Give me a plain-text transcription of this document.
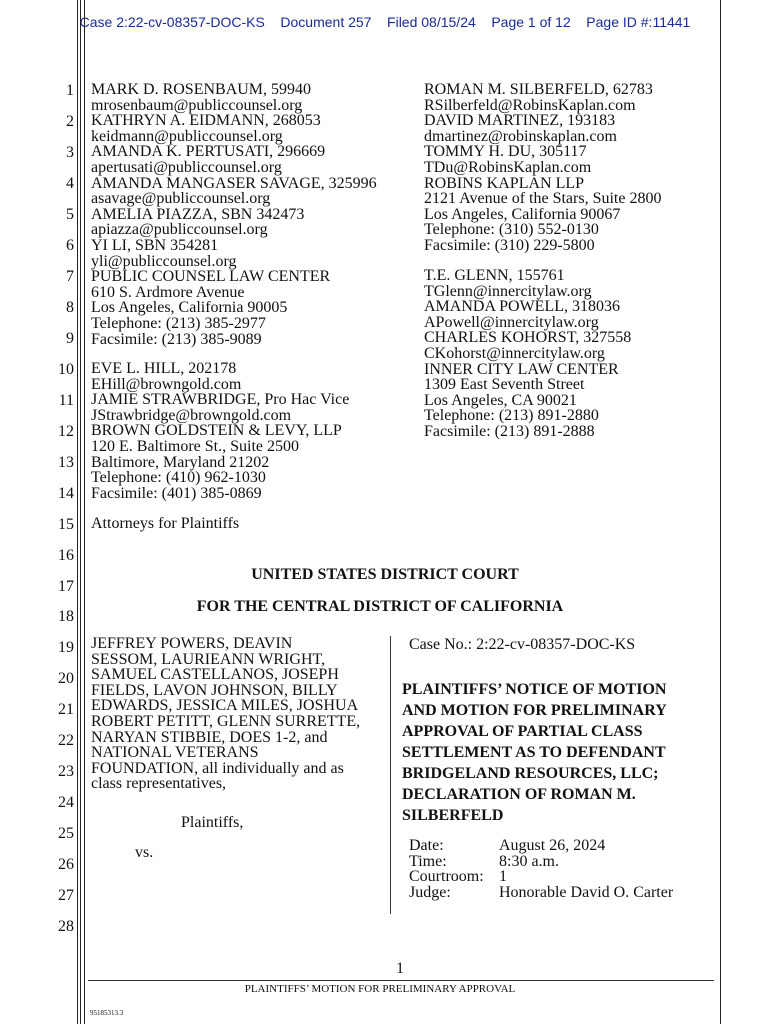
Case 2:22-cv-08357-DOC-KS Document 257 Filed 08/15/24 Page 1 of 12 Page ID #:11441
1
2
3
4
5
6
7
8
9
10
11
12
13
14
15
16
17
18
19
20
21
22
23
24
25
26
27
28
MARK D. ROSENBAUM, 59940
mrosenbaum@publiccounsel.org
KATHRYN A. EIDMANN, 268053
keidmann@publiccounsel.org
AMANDA K. PERTUSATI, 296669
apertusati@publiccounsel.org
AMANDA MANGASER SAVAGE, 325996
asavage@publiccounsel.org
AMELIA PIAZZA, SBN 342473
apiazza@publiccounsel.org
YI LI, SBN 354281
yli@publiccounsel.org
PUBLIC COUNSEL LAW CENTER
610 S. Ardmore Avenue
Los Angeles, California 90005
Telephone: (213) 385-2977
Facsimile: (213) 385-9089
EVE L. HILL, 202178
EHill@browngold.com
JAMIE STRAWBRIDGE, Pro Hac Vice
JStrawbridge@browngold.com
BROWN GOLDSTEIN & LEVY, LLP
120 E. Baltimore St., Suite 2500
Baltimore, Maryland 21202
Telephone: (410) 962-1030
Facsimile: (401) 385-0869
ROMAN M. SILBERFELD, 62783
RSilberfeld@RobinsKaplan.com
DAVID MARTINEZ, 193183
dmartinez@robinskaplan.com
TOMMY H. DU, 305117
TDu@RobinsKaplan.com
ROBINS KAPLAN LLP
2121 Avenue of the Stars, Suite 2800
Los Angeles, California 90067
Telephone: (310) 552-0130
Facsimile: (310) 229-5800
T.E. GLENN, 155761
TGlenn@innercitylaw.org
AMANDA POWELL, 318036
APowell@innercitylaw.org
CHARLES KOHORST, 327558
CKohorst@innercitylaw.org
INNER CITY LAW CENTER
1309 East Seventh Street
Los Angeles, CA 90021
Telephone: (213) 891-2880
Facsimile: (213) 891-2888
Attorneys for Plaintiffs
UNITED STATES DISTRICT COURT
FOR THE CENTRAL DISTRICT OF CALIFORNIA
JEFFREY POWERS, DEAVIN
SESSOM, LAURIEANN WRIGHT,
SAMUEL CASTELLANOS, JOSEPH
FIELDS, LAVON JOHNSON, BILLY
EDWARDS, JESSICA MILES, JOSHUA
ROBERT PETITT, GLENN SURRETTE,
NARYAN STIBBIE, DOES 1-2, and
NATIONAL VETERANS
FOUNDATION, all individually and as
class representatives,
Plaintiffs,
vs.
Case No.: 2:22-cv-08357-DOC-KS
PLAINTIFFS’ NOTICE OF MOTION
AND MOTION FOR PRELIMINARY
APPROVAL OF PARTIAL CLASS
SETTLEMENT AS TO DEFENDANT
BRIDGELAND RESOURCES, LLC;
DECLARATION OF ROMAN M.
SILBERFELD
Date:	August 26, 2024
Time:	8:30 a.m.
Courtroom: 1
Judge:	Honorable David O. Carter
1
PLAINTIFFS’ MOTION FOR PRELIMINARY APPROVAL
95185313.3
